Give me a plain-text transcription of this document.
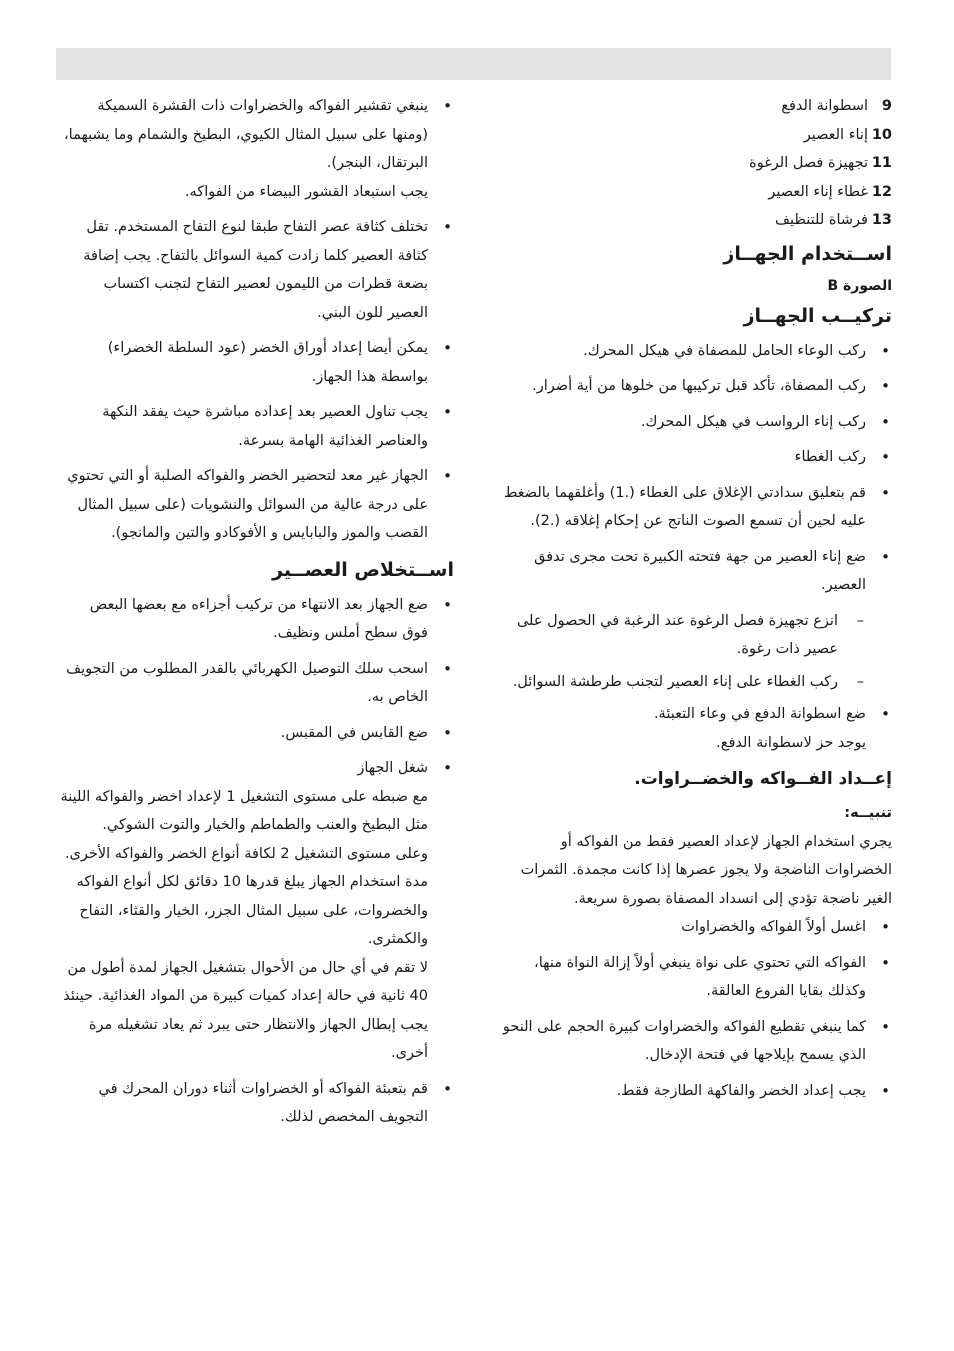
9
اسطوانة الدفع
10
إناء العصير
11
تجهيزة فصل الرغوة
12
غطاء إناء العصير
13
فرشاة للتنظيف
اســتخدام الجهــاز

الصورة B

تركيــب الجهــاز
• ركب الوعاء الحامل للمصفاة في هيكل المحرك.
• ركب المصفاة، تأكد قبل تركيبها من خلوها من أية أضرار.
• ركب إناء الرواسب في هيكل المحرك.
• ركب الغطاء
• قم بتعليق سدادتي الإغلاق على الغطاء (.1) وأغلقهما بالضغط عليه لحين أن تسمع الصوت الناتج عن إحكام إغلاقه (.2).
• ضع إناء العصير من جهة فتحته الكبيرة تحت مجرى تدفق العصير.
– انزع تجهيزة فصل الرغوة عند الرغبة في الحصول على عصير ذات رغوة.
– ركب الغطاء على إناء العصير لتجنب طرطشة السوائل.
• ضع اسطوانة الدفع في وعاء التعبئة.
يوجد حز لاسطوانة الدفع.
إعــداد الفــواكه والخضــراوات.

تنبيــه:

يجري استخدام الجهاز لإعداد العصير فقط من الفواكه أو الخضراوات الناضجة ولا يجوز عصرها إذا كانت مجمدة. الثمرات الغير ناضجة تؤدي إلى انسداد المصفاة بصورة سريعة.

• اغسل أولاً الفواكه والخضراوات
• الفواكه التي تحتوي على نواة ينبغي أولاً إزالة النواة منها، وكذلك بقايا الفروع العالقة.
• كما ينبغي تقطيع الفواكه والخضراوات كبيرة الحجم على النحو الذي يسمح بإيلاجها في فتحة الإدخال.
• يجب إعداد الخضر والفاكهة الطازجة فقط.
• ينبغي تقشير الفواكه والخضراوات ذات القشرة السميكة (ومنها على سبيل المثال الكيوي، البطيخ والشمام وما يشبهما، البرتقال، البنجر).
يجب استبعاد القشور البيضاء من الفواكه.
• تختلف كثافة عصر التفاح طبقا لنوع التفاح المستخدم. تقل كثافة العصير كلما زادت كمية السوائل بالتفاح. يجب إضافة بضعة قطرات من الليمون لعصير التفاح لتجنب اكتساب العصير للون البني.
• يمكن أيضا إعداد أوراق الخضر (عود السلطة الخضراء) بواسطة هذا الجهاز.
• يجب تناول العصير بعد إعداده مباشرة حيث يفقد النكهة والعناصر الغذائية الهامة بسرعة.
• الجهاز غير معد لتحضير الخضر والفواكه الصلبة أو التي تحتوي على درجة عالية من السوائل والنشويات (على سبيل المثال القصب والموز والبابايس و الأفوكادو والتين والمانجو).
اســتخلاص العصــير
• ضع الجهاز بعد الانتهاء من تركيب أجزاءه مع بعضها البعض فوق سطح أملس ونظيف.
• اسحب سلك التوصيل الكهربائي بالقدر المطلوب من التجويف الخاص به.
• ضع القابس في المقبس.
• شغل الجهاز
مع ضبطه على مستوى التشغيل 1 لإعداد اخضر والفواكه اللينة مثل البطيخ والعنب والطماطم والخيار والتوت الشوكي.
وعلى مستوى التشغيل 2 لكافة أنواع الخضر والفواكه الأخرى.
مدة استخدام الجهاز يبلغ قدرها 10 دقائق لكل أنواع الفواكه والخضروات، على سبيل المثال الجزر، الخيار والقثاء، التفاح والكمثرى.
لا تقم في أي حال من الأحوال بتشغيل الجهاز لمدة أطول من 40 ثانية في حالة إعداد كميات كبيرة من المواد الغذائية. حينئذ يجب إبطال الجهاز والانتظار حتى يبرد ثم يعاد تشغيله مرة أخرى.
• قم بتعبئة الفواكه أو الخضراوات أثناء دوران المحرك في التجويف المخصص لذلك.
